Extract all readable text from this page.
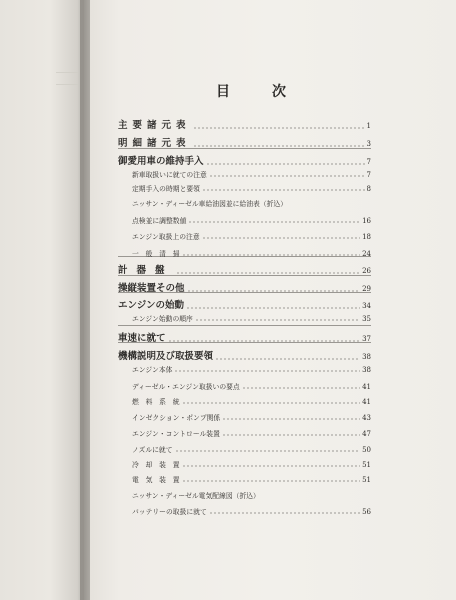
目	次
主要諸元表	1
明細諸元表	3
御愛用車の維持手入	7
新車取扱いに就ての注意	7
定期手入の時期と要領	8
ニッサン・ディーゼル車給油図並に給油表（折込）
点検並に調整数値	16
エンジン取扱上の注意	18
一　般　清　掃	24
計器盤	26
操縦装置その他	29
エンジンの始動	34
エンジン始動の順序	35
車速に就て	37
機構説明及び取扱要領	38
エンジン本体	38
ディーゼル・エンジン取扱いの要点	41
燃　料　系　統	41
インゼクション・ポンプ関係	43
エンジン・コントロール装置	47
ノズルに就て	50
冷　却　装　置	51
電　気　装　置	51
ニッサン・ディーゼル電気配線図（折込）
バッテリーの取扱に就て	56
